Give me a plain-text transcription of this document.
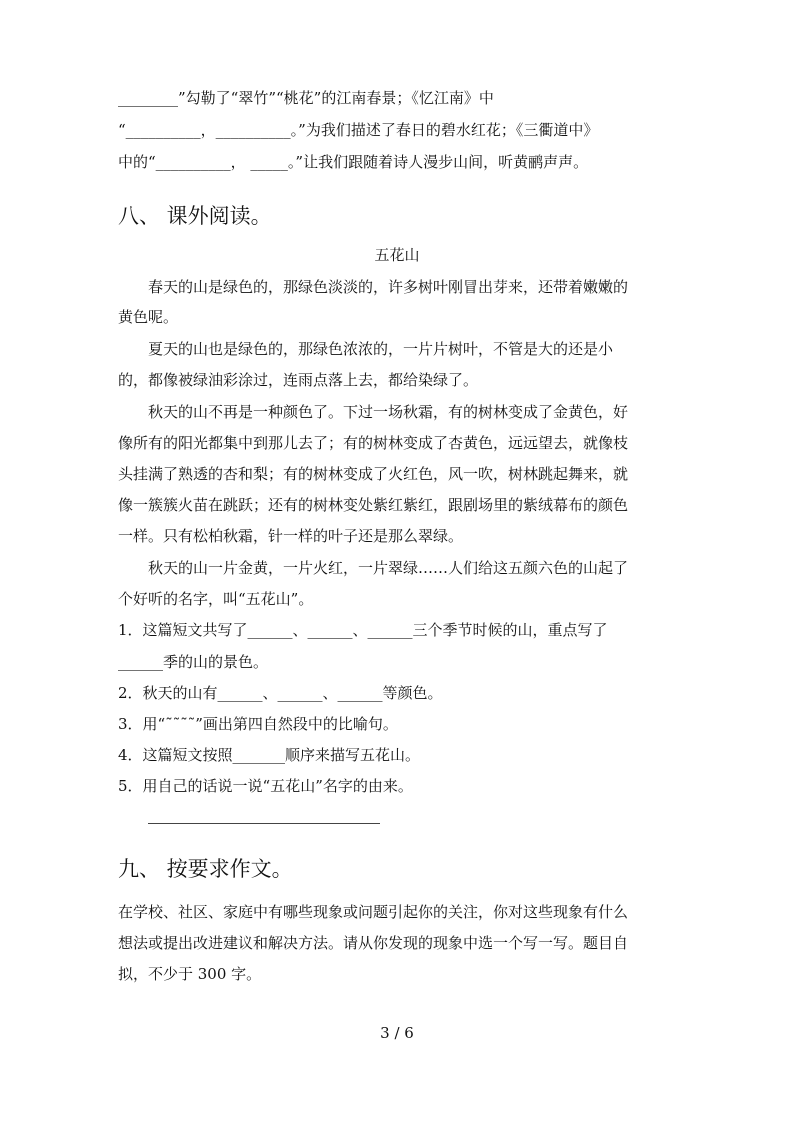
________”勾勒了“翠竹”“桃花”的江南春景；《忆江南》中
“__________，__________。”为我们描述了春日的碧水红花；《三衢道中》
中的“__________， _____。”让我们跟随着诗人漫步山间，听黄鹂声声。
八、 课外阅读。
五花山
春天的山是绿色的，那绿色淡淡的，许多树叶刚冒出芽来，还带着嫩嫩的
黄色呢。
夏天的山也是绿色的，那绿色浓浓的，一片片树叶，不管是大的还是小
的，都像被绿油彩涂过，连雨点落上去，都给染绿了。
秋天的山不再是一种颜色了。下过一场秋霜，有的树林变成了金黄色，好
像所有的阳光都集中到那儿去了；有的树林变成了杏黄色，远远望去，就像枝
头挂满了熟透的杏和梨；有的树林变成了火红色，风一吹，树林跳起舞来，就
像一簇簇火苗在跳跃；还有的树林变处紫红紫红，跟剧场里的紫绒幕布的颜色
一样。只有松柏秋霜，针一样的叶子还是那么翠绿。
秋天的山一片金黄，一片火红，一片翠绿……人们给这五颜六色的山起了
个好听的名字，叫“五花山”。
1．这篇短文共写了______、______、______三个季节时候的山，重点写了
______季的山的景色。
2．秋天的山有______、______、______等颜色。
3．用“˜˜˜˜”画出第四自然段中的比喻句。
4．这篇短文按照_______顺序来描写五花山。
5．用自己的话说一说“五花山”名字的由来。
九、 按要求作文。
在学校、社区、家庭中有哪些现象或问题引起你的关注，你对这些现象有什么
想法或提出改进建议和解决方法。请从你发现的现象中选一个写一写。题目自
拟，不少于 300 字。
3 / 6
